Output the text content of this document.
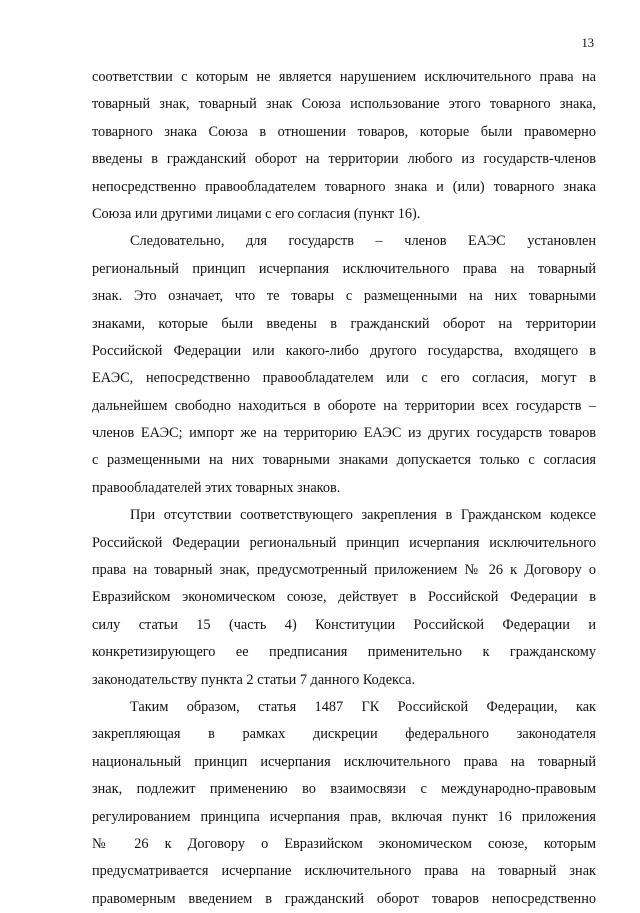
13
соответствии с которым не является нарушением исключительного права на
товарный знак, товарный знак Союза использование этого товарного знака,
товарного знака Союза в отношении товаров, которые были правомерно
введены в гражданский оборот на территории любого из государств-членов
непосредственно правообладателем товарного знака и (или) товарного знака
Союза или другими лицами с его согласия (пункт 16).
Следовательно, для государств – членов ЕАЭС установлен
региональный принцип исчерпания исключительного права на товарный
знак. Это означает, что те товары с размещенными на них товарными
знаками, которые были введены в гражданский оборот на территории
Российской Федерации или какого-либо другого государства, входящего в
ЕАЭС, непосредственно правообладателем или с его согласия, могут в
дальнейшем свободно находиться в обороте на территории всех государств –
членов ЕАЭС; импорт же на территорию ЕАЭС из других государств товаров
с размещенными на них товарными знаками допускается только с согласия
правообладателей этих товарных знаков.
При отсутствии соответствующего закрепления в Гражданском кодексе
Российской Федерации региональный принцип исчерпания исключительного
права на товарный знак, предусмотренный приложением № 26 к Договору о
Евразийском экономическом союзе, действует в Российской Федерации в
силу статьи 15 (часть 4) Конституции Российской Федерации и
конкретизирующего ее предписания применительно к гражданскому
законодательству пункта 2 статьи 7 данного Кодекса.
Таким образом, статья 1487 ГК Российской Федерации, как
закрепляющая в рамках дискреции федерального законодателя
национальный принцип исчерпания исключительного права на товарный
знак, подлежит применению во взаимосвязи с международно-правовым
регулированием принципа исчерпания прав, включая пункт 16 приложения
№ 26 к Договору о Евразийском экономическом союзе, которым
предусматривается исчерпание исключительного права на товарный знак
правомерным введением в гражданский оборот товаров непосредственно
